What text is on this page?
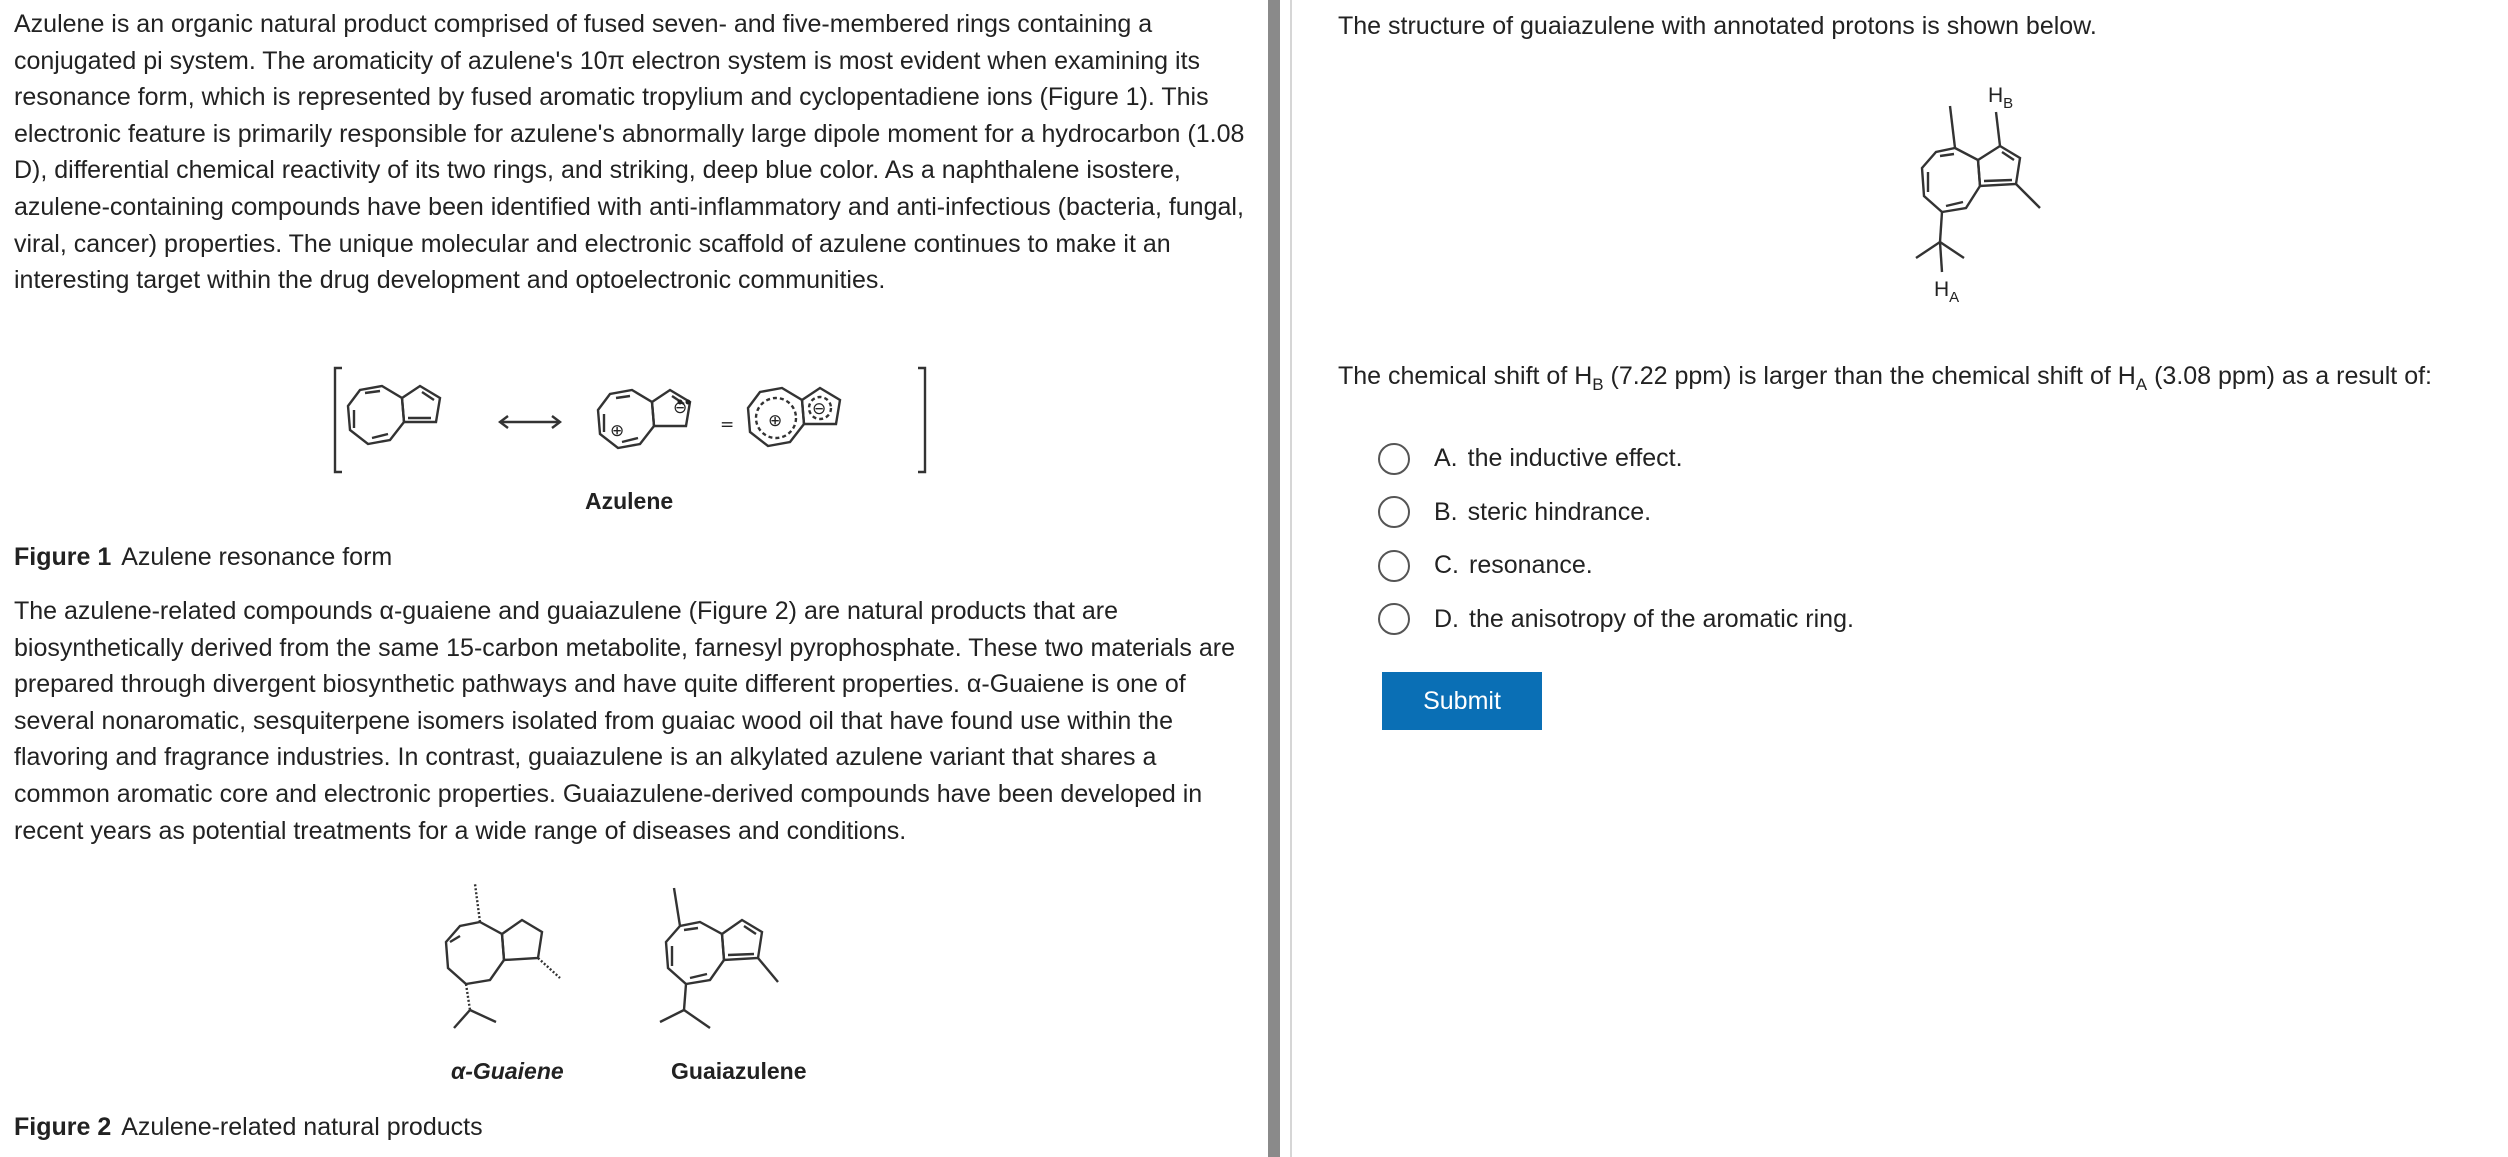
Azulene is an organic natural product comprised of fused seven- and five-membered rings containing a conjugated pi system. The aromaticity of azulene's 10π electron system is most evident when examining its resonance form, which is represented by fused aromatic tropylium and cyclopentadiene ions (Figure 1). This electronic feature is primarily responsible for azulene's abnormally large dipole moment for a hydrocarbon (1.08 D), differential chemical reactivity of its two rings, and striking, deep blue color. As a naphthalene isostere, azulene-containing compounds have been identified with anti-inflammatory and anti-infectious (bacteria, fungal, viral, cancer) properties. The unique molecular and electronic scaffold of azulene continues to make it an interesting target within the drug development and optoelectronic communities.
⊖
⊕	= ⊕
⊖
Azulene
Figure 1 Azulene resonance form
The azulene-related compounds α-guaiene and guaiazulene (Figure 2) are natural products that are biosynthetically derived from the same 15-carbon metabolite, farnesyl pyrophosphate. These two materials are prepared through divergent biosynthetic pathways and have quite different properties. α-Guaiene is one of several nonaromatic, sesquiterpene isomers isolated from guaiac wood oil that have found use within the flavoring and fragrance industries. In contrast, guaiazulene is an alkylated azulene variant that shares a common aromatic core and electronic properties. Guaiazulene-derived compounds have been developed in recent years as potential treatments for a wide range of diseases and conditions.
α-Guaiene	Guaiazulene
Figure 2 Azulene-related natural products
The structure of guaiazulene with annotated protons is shown below.
$H_B$
$H_A$
The chemical shift of $H_B$ (7.22 ppm) is larger than the chemical shift of $H_A$ (3.08 ppm) as a result of:
A. the inductive effect.
B. steric hindrance.
C. resonance.
D. the anisotropy of the aromatic ring.
Submit
